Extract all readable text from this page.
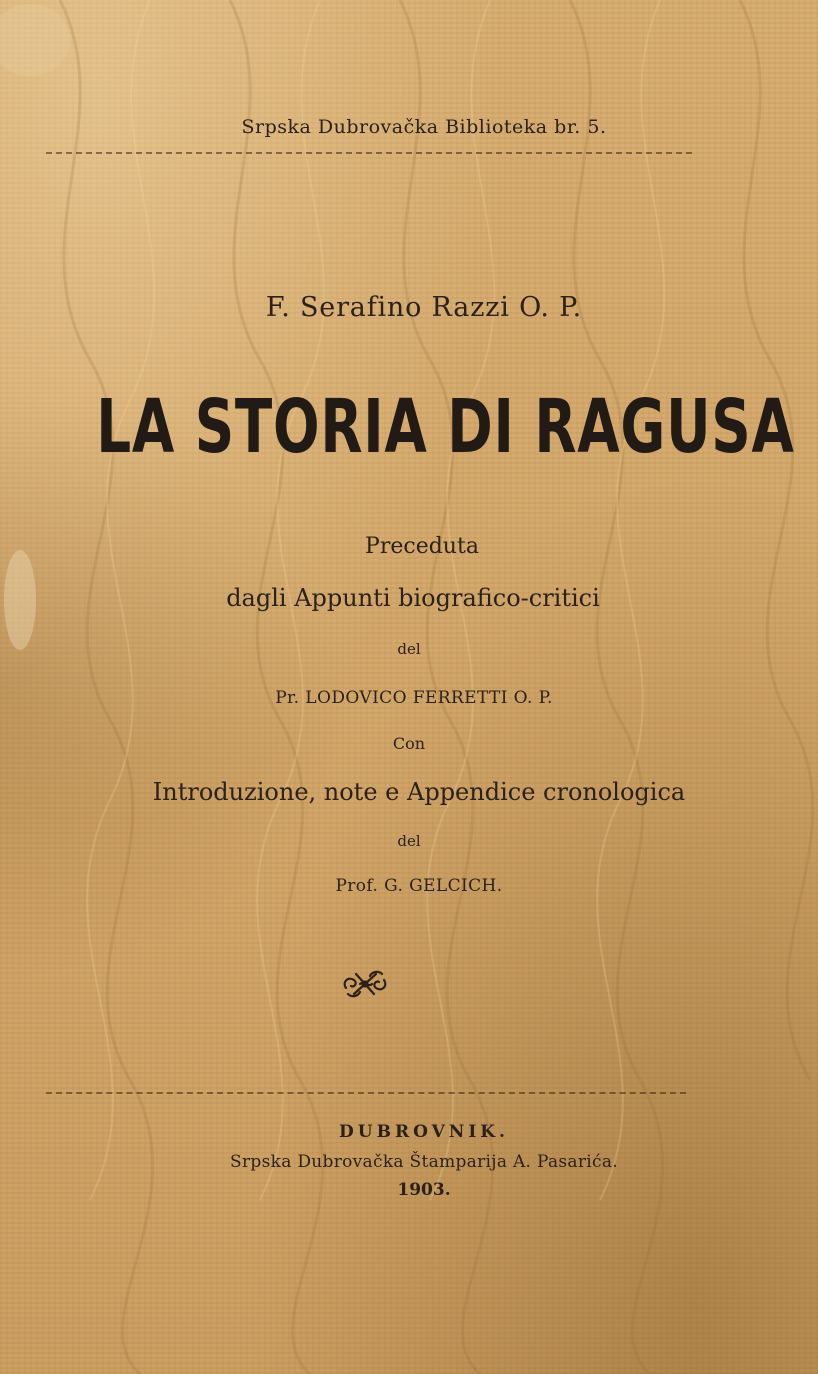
Srpska Dubrovačka Biblioteka br. 5.
F. Serafino Razzi O. P.
LA STORIA DI RAGUSA
Preceduta
dagli Appunti biografico-critici
del
Pr. LODOVICO FERRETTI O. P.
Con
Introduzione, note e Appendice cronologica
del
Prof. G. GELCICH.
DUBROVNIK.
Srpska Dubrovačka Štamparija A. Pasarića.
1903.
